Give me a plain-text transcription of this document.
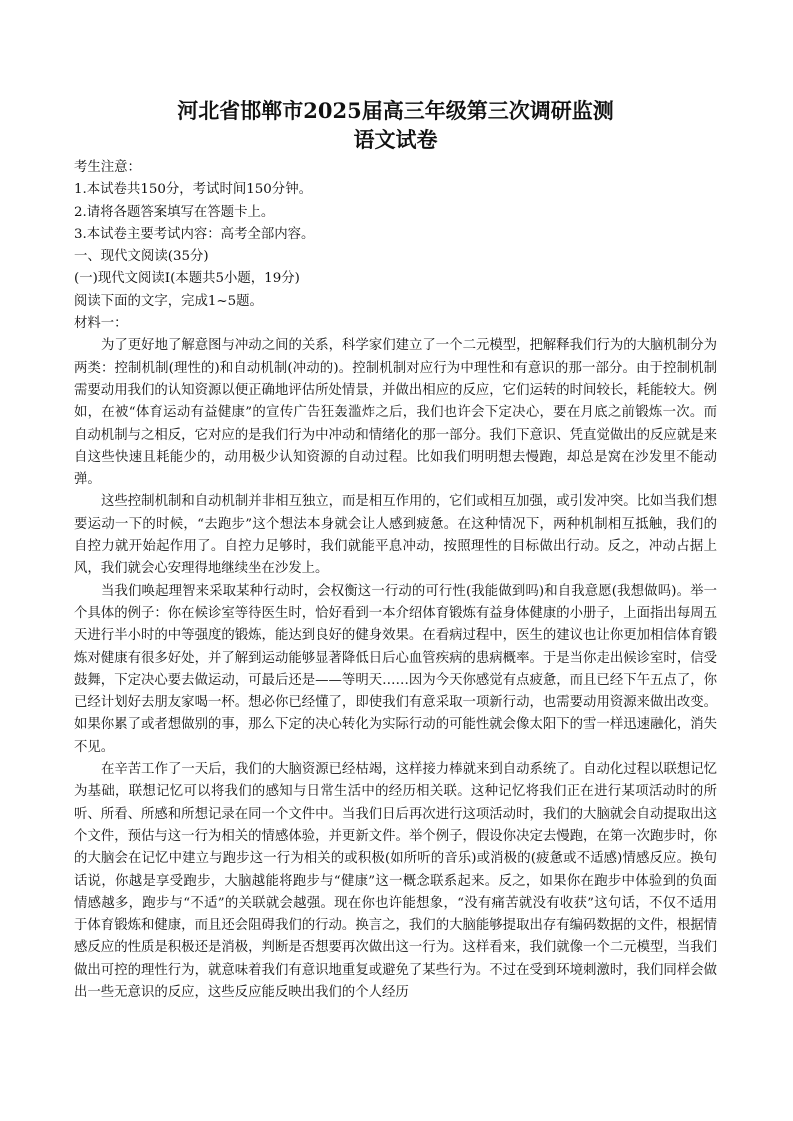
河北省邯郸市2025届高三年级第三次调研监测
语文试卷

考生注意：

1.本试卷共150分，考试时间150分钟。

2.请将各题答案填写在答题卡上。

3.本试卷主要考试内容：高考全部内容。

一、现代文阅读(35分)

(一)现代文阅读Ⅰ(本题共5小题，19分)

阅读下面的文字，完成1~5题。

材料一：

为了更好地了解意图与冲动之间的关系，科学家们建立了一个二元模型，把解释我们行为的大脑机制分为两类：控制机制(理性的)和自动机制(冲动的)。控制机制对应行为中理性和有意识的那一部分。由于控制机制需要动用我们的认知资源以便正确地评估所处情景，并做出相应的反应，它们运转的时间较长，耗能较大。例如，在被“体育运动有益健康”的宣传广告狂轰滥炸之后，我们也许会下定决心，要在月底之前锻炼一次。而自动机制与之相反，它对应的是我们行为中冲动和情绪化的那一部分。我们下意识、凭直觉做出的反应就是来自这些快速且耗能少的，动用极少认知资源的自动过程。比如我们明明想去慢跑，却总是窝在沙发里不能动弹。

这些控制机制和自动机制并非相互独立，而是相互作用的，它们或相互加强，或引发冲突。比如当我们想要运动一下的时候，“去跑步”这个想法本身就会让人感到疲惫。在这种情况下，两种机制相互抵触，我们的自控力就开始起作用了。自控力足够时，我们就能平息冲动，按照理性的目标做出行动。反之，冲动占据上风，我们就会心安理得地继续坐在沙发上。

当我们唤起理智来采取某种行动时，会权衡这一行动的可行性(我能做到吗)和自我意愿(我想做吗)。举一个具体的例子：你在候诊室等待医生时，恰好看到一本介绍体育锻炼有益身体健康的小册子，上面指出每周五天进行半小时的中等强度的锻炼，能达到良好的健身效果。在看病过程中，医生的建议也让你更加相信体育锻炼对健康有很多好处，并了解到运动能够显著降低日后心血管疾病的患病概率。于是当你走出候诊室时，信受鼓舞，下定决心要去做运动，可最后还是——等明天……因为今天你感觉有点疲惫，而且已经下午五点了，你已经计划好去朋友家喝一杯。想必你已经懂了，即使我们有意采取一项新行动，也需要动用资源来做出改变。如果你累了或者想做别的事，那么下定的决心转化为实际行动的可能性就会像太阳下的雪一样迅速融化，消失不见。

在辛苦工作了一天后，我们的大脑资源已经枯竭，这样接力棒就来到自动系统了。自动化过程以联想记忆为基础，联想记忆可以将我们的感知与日常生活中的经历相关联。这种记忆将我们正在进行某项活动时的所听、所看、所感和所想记录在同一个文件中。当我们日后再次进行这项活动时，我们的大脑就会自动提取出这个文件，预估与这一行为相关的情感体验，并更新文件。举个例子，假设你决定去慢跑，在第一次跑步时，你的大脑会在记忆中建立与跑步这一行为相关的或积极(如所听的音乐)或消极的(疲惫或不适感)情感反应。换句话说，你越是享受跑步，大脑越能将跑步与“健康”这一概念联系起来。反之，如果你在跑步中体验到的负面情感越多，跑步与“不适”的关联就会越强。现在你也许能想象，“没有痛苦就没有收获”这句话，不仅不适用于体育锻炼和健康，而且还会阻碍我们的行动。换言之，我们的大脑能够提取出存有编码数据的文件，根据情感反应的性质是积极还是消极，判断是否想要再次做出这一行为。这样看来，我们就像一个二元模型，当我们做出可控的理性行为，就意味着我们有意识地重复或避免了某些行为。不过在受到环境刺激时，我们同样会做出一些无意识的反应，这些反应能反映出我们的个人经历
